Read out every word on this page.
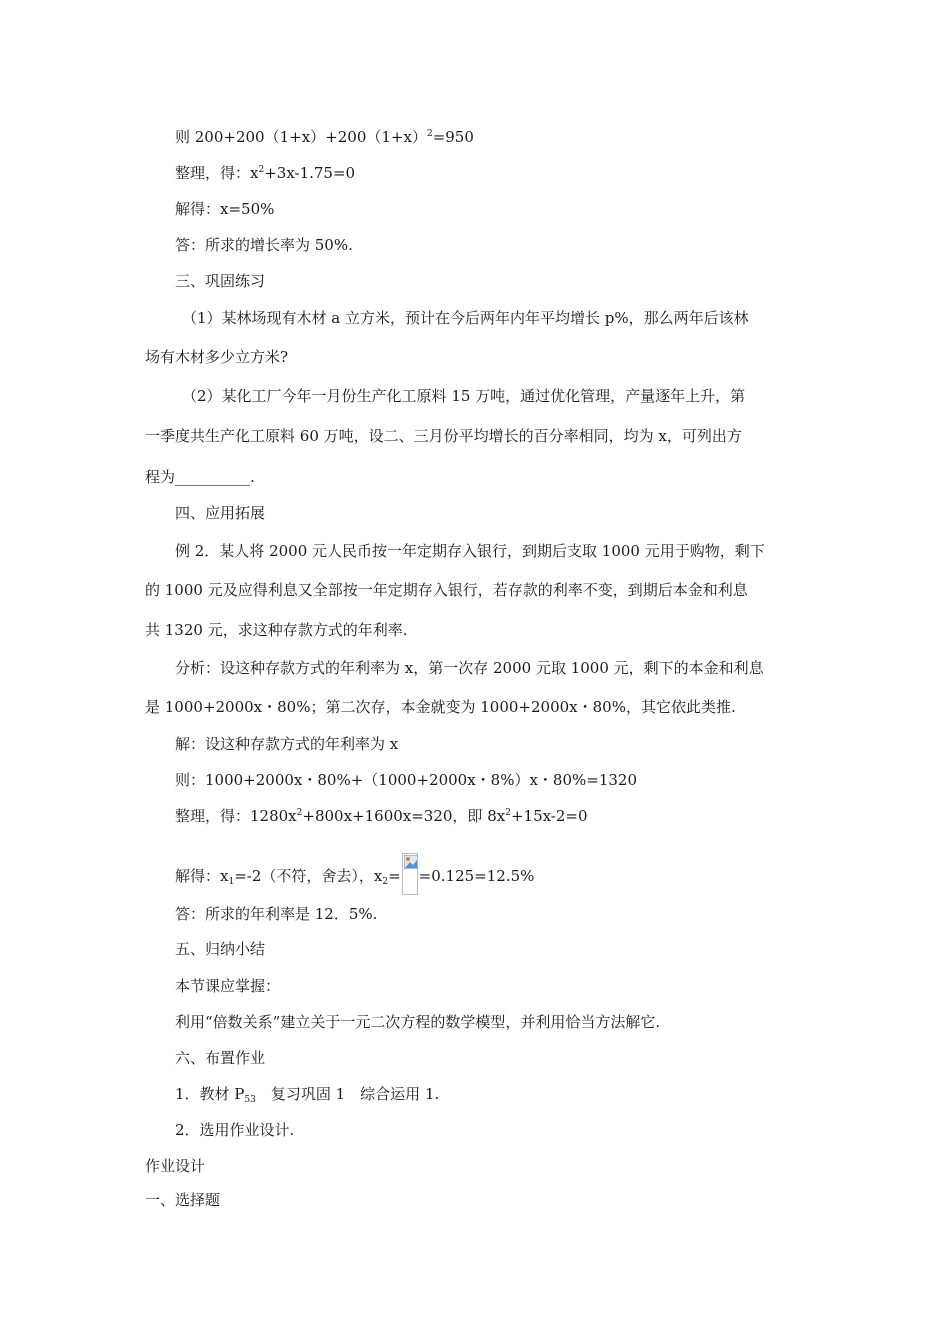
则 $200+200(1+x)+200(1+x)^2=950$
整理，得：$x^2+3x-1.75=0$
解得：x=50%
答：所求的增长率为 50%.
三、巩固练习
（1）某林场现有木材 a 立方米，预计在今后两年内年平均增长 p%，那么两年后该林
场有木材多少立方米?
（2）某化工厂今年一月份生产化工原料 15 万吨，通过优化管理，产量逐年上升，第
一季度共生产化工原料 60 万吨，设二、三月份平均增长的百分率相同，均为 x，可列出方
程为__________.
四、应用拓展
例 2．某人将 2000 元人民币按一年定期存入银行，到期后支取 1000 元用于购物，剩下
的 1000 元及应得利息又全部按一年定期存入银行，若存款的利率不变，到期后本金和利息
共 1320 元，求这种存款方式的年利率.
分析：设这种存款方式的年利率为 x，第一次存 2000 元取 1000 元，剩下的本金和利息
是 1000+2000x・80%；第二次存，本金就变为 1000+2000x・80%，其它依此类推.
解：设这种存款方式的年利率为 x
则：1000+2000x・80%+（1000+2000x・8%）x・80%=1320
整理，得：$1280x^2+800x+1600x=320$，即 $8x^2+15x-2=0$
解得：$x_1=-2$（不符，舍去），$x_2= =0.125=12.5\%$
答：所求的年利率是 12．5%.
五、归纳小结
本节课应掌握：
利用“倍数关系”建立关于一元二次方程的数学模型，并利用恰当方法解它.
六、布置作业
1．教材 $P_{53}$　复习巩固 1　综合运用 1.
2．选用作业设计.
作业设计
一、选择题
